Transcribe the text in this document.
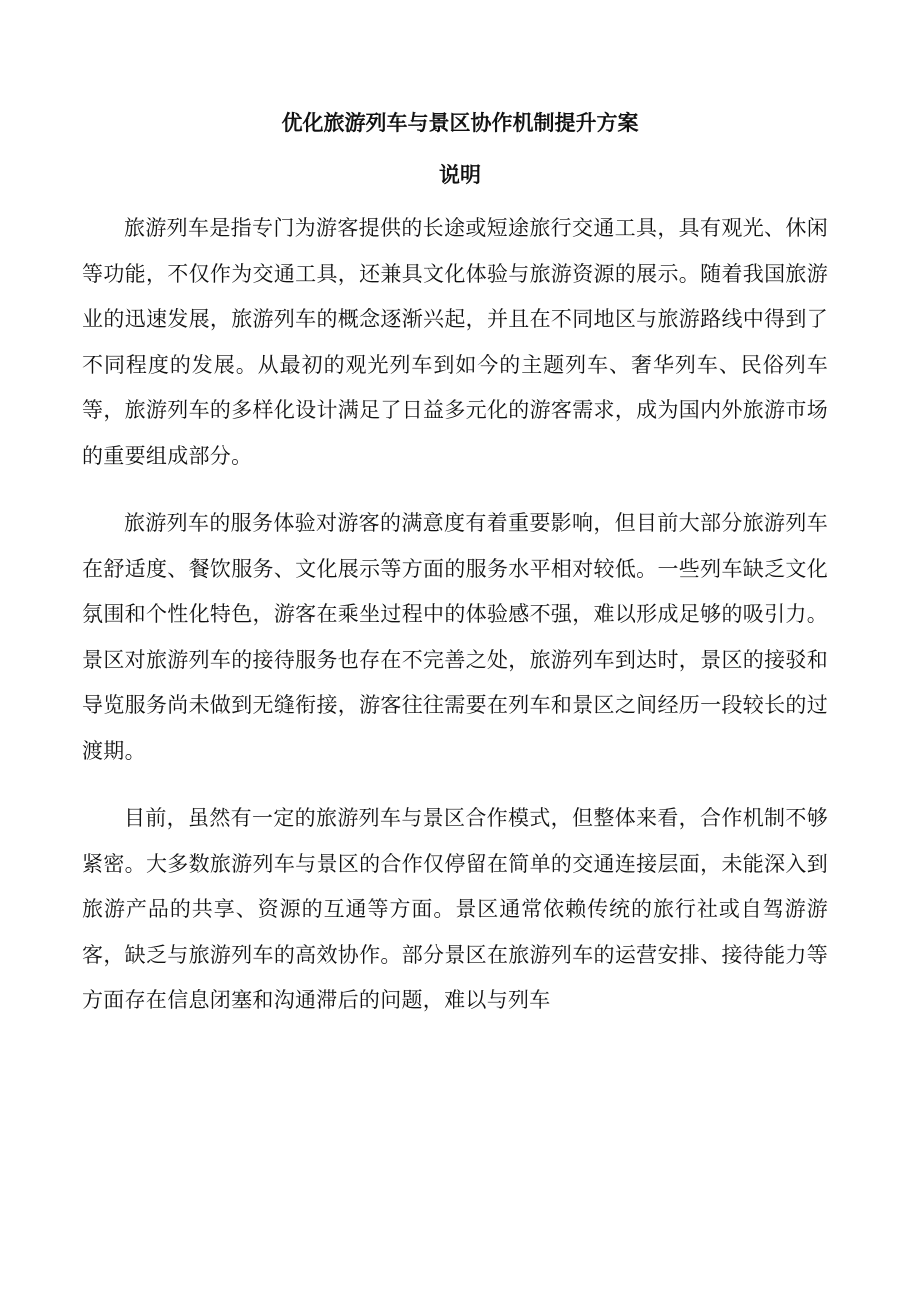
优化旅游列车与景区协作机制提升方案
说明

旅游列车是指专门为游客提供的长途或短途旅行交通工具，具有观光、休闲等功能，不仅作为交通工具，还兼具文化体验与旅游资源的展示。随着我国旅游业的迅速发展，旅游列车的概念逐渐兴起，并且在不同地区与旅游路线中得到了不同程度的发展。从最初的观光列车到如今的主题列车、奢华列车、民俗列车等，旅游列车的多样化设计满足了日益多元化的游客需求，成为国内外旅游市场的重要组成部分。

旅游列车的服务体验对游客的满意度有着重要影响，但目前大部分旅游列车在舒适度、餐饮服务、文化展示等方面的服务水平相对较低。一些列车缺乏文化氛围和个性化特色，游客在乘坐过程中的体验感不强，难以形成足够的吸引力。景区对旅游列车的接待服务也存在不完善之处，旅游列车到达时，景区的接驳和导览服务尚未做到无缝衔接，游客往往需要在列车和景区之间经历一段较长的过渡期。

目前，虽然有一定的旅游列车与景区合作模式，但整体来看，合作机制不够紧密。大多数旅游列车与景区的合作仅停留在简单的交通连接层面，未能深入到旅游产品的共享、资源的互通等方面。景区通常依赖传统的旅行社或自驾游游客，缺乏与旅游列车的高效协作。部分景区在旅游列车的运营安排、接待能力等方面存在信息闭塞和沟通滞后的问题，难以与列车
